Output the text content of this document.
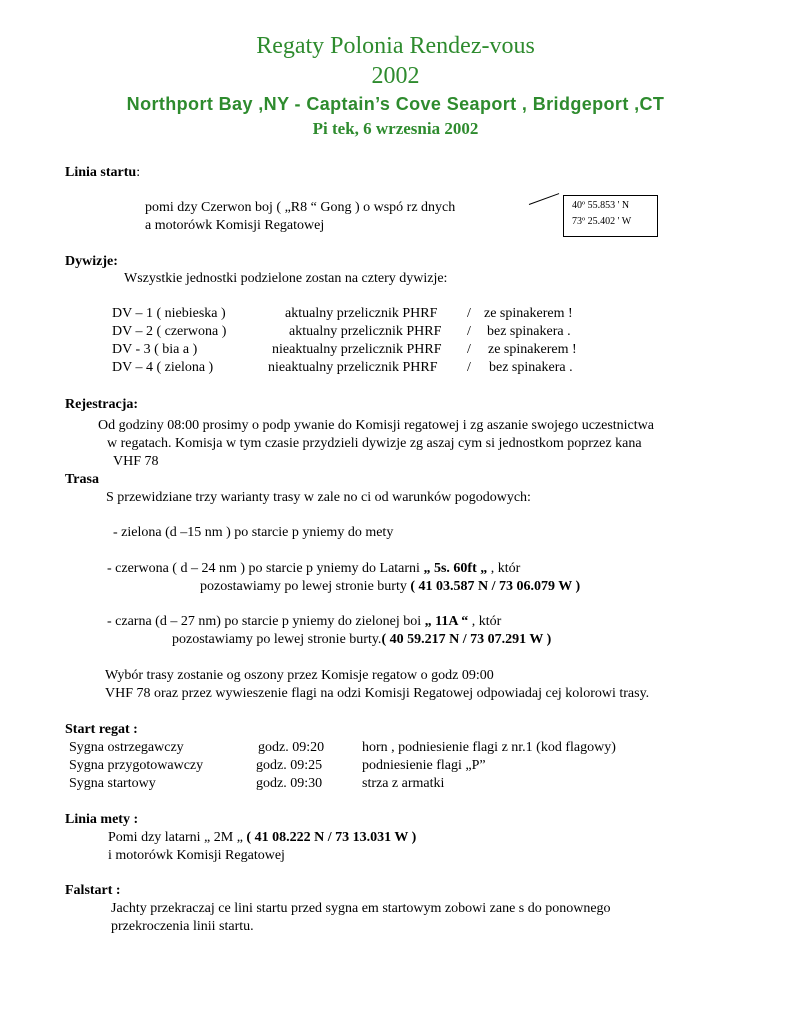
Regaty Polonia Rendez-vous
2002
Northport Bay ,NY - Captain’s Cove Seaport , Bridgeport ,CT
Pi tek, 6 wrzesnia 2002
Linia startu:
pomi dzy Czerwon boj ( „R8 “ Gong ) o wspó rz dnych
a motorówk Komisji Regatowej
40º 55.853 ' N
73º 25.402 ' W
Dywizje:
Wszystkie jednostki podzielone zostan na cztery dywizje:
DV – 1 ( niebieska )	aktualny przelicznik PHRF / ze spinakerem !
DV – 2 ( czerwona )	aktualny przelicznik PHRF / bez spinakera .
DV - 3 ( bia a )	nieaktualny przelicznik PHRF / ze spinakerem !
DV – 4 ( zielona )	nieaktualny przelicznik PHRF / bez spinakera .
Rejestracja:
Od godziny 08:00 prosimy o podp ywanie do Komisji regatowej i zg aszanie swojego uczestnictwa
w regatach. Komisja w tym czasie przydzieli dywizje zg aszaj cym si jednostkom poprzez kana
VHF 78
Trasa
S przewidziane trzy warianty trasy w zale no ci od warunków pogodowych:
- zielona (d –15 nm ) po starcie p yniemy do mety
- czerwona ( d – 24 nm ) po starcie p yniemy do Latarni „ 5s. 60ft „ , któr
pozostawiamy po lewej stronie burty ( 41 03.587 N / 73 06.079 W )
- czarna (d – 27 nm) po starcie p yniemy do zielonej boi „ 11A “ , któr
pozostawiamy po lewej stronie burty.( 40 59.217 N / 73 07.291 W )
Wybór trasy zostanie og oszony przez Komisje regatow o godz 09:00
VHF 78 oraz przez wywieszenie flagi na odzi Komisji Regatowej odpowiadaj cej kolorowi trasy.
Start regat :
Sygna ostrzegawczy	godz. 09:20	horn , podniesienie flagi z nr.1 (kod flagowy)
Sygna przygotowawczy	godz. 09:25	podniesienie flagi „P”
Sygna startowy	godz. 09:30	strza z armatki
Linia mety :
Pomi dzy latarni „ 2M „ ( 41 08.222 N / 73 13.031 W )
i motorówk Komisji Regatowej
Falstart :
Jachty przekraczaj ce lini startu przed sygna em startowym zobowi zane s do ponownego
przekroczenia linii startu.
